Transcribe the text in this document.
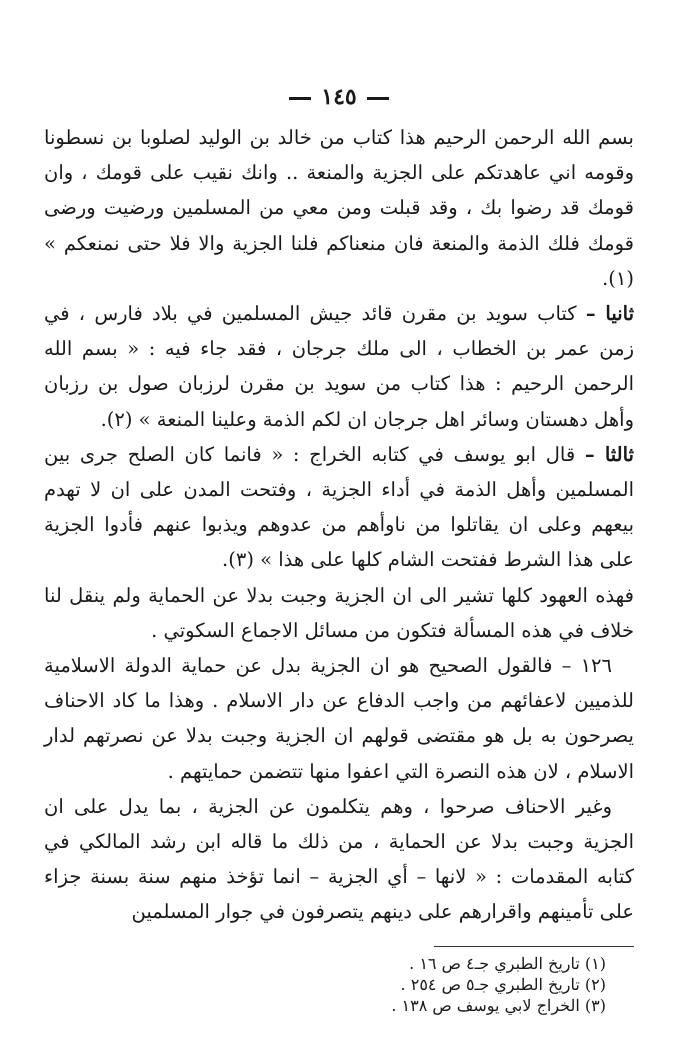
١٤٥

بسم الله الرحمن الرحيم هذا كتاب من خالد بن الوليد لصلوبا بن نسطونا وقومه اني عاهدتكم على الجزية والمنعة .. وانك نقيب على قومك ، وان قومك قد رضوا بك ، وقد قبلت ومن معي من المسلمين ورضيت ورضى قومك فلك الذمة والمنعة فان منعناكم فلنا الجزية والا فلا حتى نمنعكم » (١).

ثانيا – كتاب سويد بن مقرن قائد جيش المسلمين في بلاد فارس ، في زمن عمر بن الخطاب ، الى ملك جرجان ، فقد جاء فيه : « بسم الله الرحمن الرحيم : هذا كتاب من سويد بن مقرن لرزبان صول بن رزبان وأهل دهستان وسائر اهل جرجان ان لكم الذمة وعلينا المنعة » (٢).

ثالثا – قال ابو يوسف في كتابه الخراج : « فانما كان الصلح جرى بين المسلمين وأهل الذمة في أداء الجزية ، وفتحت المدن على ان لا تهدم بيعهم وعلى ان يقاتلوا من ناوأهم من عدوهم ويذبوا عنهم فأدوا الجزية على هذا الشرط ففتحت الشام كلها على هذا » (٣).

فهذه العهود كلها تشير الى ان الجزية وجبت بدلا عن الحماية ولم ينقل لنا خلاف في هذه المسألة فتكون من مسائل الاجماع السكوتي .

١٢٦ – فالقول الصحيح هو ان الجزية بدل عن حماية الدولة الاسلامية للذميين لاعفائهم من واجب الدفاع عن دار الاسلام . وهذا ما كاد الاحناف يصرحون به بل هو مقتضى قولهم ان الجزية وجبت بدلا عن نصرتهم لدار الاسلام ، لان هذه النصرة التي اعفوا منها تتضمن حمايتهم .

وغير الاحناف صرحوا ، وهم يتكلمون عن الجزية ، بما يدل على ان الجزية وجبت بدلا عن الحماية ، من ذلك ما قاله ابن رشد المالكي في كتابه المقدمات : « لانها – أي الجزية – انما تؤخذ منهم سنة بسنة جزاء على تأمينهم واقرارهم على دينهم يتصرفون في جوار المسلمين

(١) تاريخ الطبري جـ٤ ص ١٦ .
(٢) تاريخ الطبري جـ٥ ص ٢٥٤ .
(٣) الخراج لابي يوسف ص ١٣٨ .
